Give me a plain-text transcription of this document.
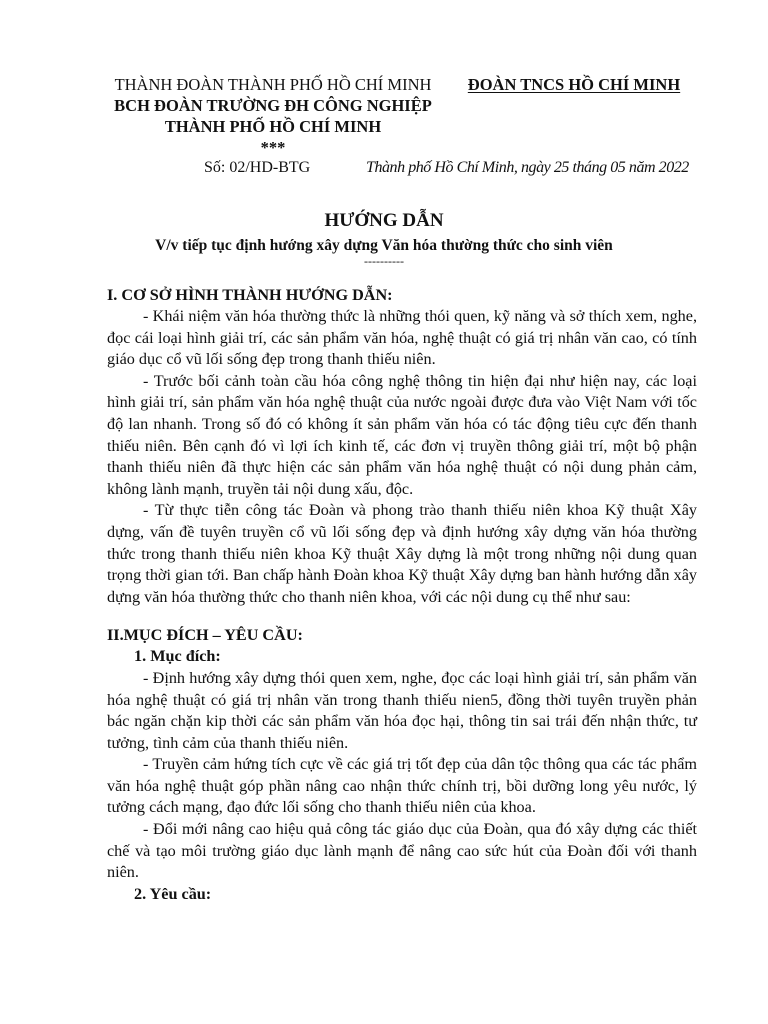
THÀNH ĐOÀN THÀNH PHỐ HỒ CHÍ MINH
BCH ĐOÀN TRƯỜNG ĐH CÔNG NGHIỆP
THÀNH PHỐ HỒ CHÍ MINH
***
ĐOÀN TNCS HỒ CHÍ MINH
Số: 02/HD-BTG	Thành phố Hồ Chí Minh, ngày 25 tháng 05 năm 2022
HƯỚNG DẪN
V/v tiếp tục định hướng xây dựng Văn hóa thường thức cho sinh viên
----------

I. CƠ SỞ HÌNH THÀNH HƯỚNG DẪN:

- Khái niệm văn hóa thường thức là những thói quen, kỹ năng và sở thích xem, nghe, đọc cái loại hình giải trí, các sản phẩm văn hóa, nghệ thuật có giá trị nhân văn cao, có tính giáo dục cổ vũ lối sống đẹp trong thanh thiếu niên.

- Trước bối cảnh toàn cầu hóa công nghệ thông tin hiện đại như hiện nay, các loại hình giải trí, sản phẩm văn hóa nghệ thuật của nước ngoài được đưa vào Việt Nam với tốc độ lan nhanh. Trong số đó có không ít sản phẩm văn hóa có tác động tiêu cực đến thanh thiếu niên. Bên cạnh đó vì lợi ích kinh tế, các đơn vị truyền thông giải trí, một bộ phận thanh thiếu niên đã thực hiện các sản phẩm văn hóa nghệ thuật có nội dung phản cảm, không lành mạnh, truyền tải nội dung xấu, độc.

- Từ thực tiễn công tác Đoàn và phong trào thanh thiếu niên khoa Kỹ thuật Xây dựng, vấn đề tuyên truyền cổ vũ lối sống đẹp và định hướng xây dựng văn hóa thường thức trong thanh thiếu niên khoa Kỹ thuật Xây dựng là một trong những nội dung quan trọng thời gian tới. Ban chấp hành Đoàn khoa Kỹ thuật Xây dựng ban hành hướng dẫn xây dựng văn hóa thường thức cho thanh niên khoa, với các nội dung cụ thể như sau:

II.MỤC ĐÍCH – YÊU CẦU:

1. Mục đích:

- Định hướng xây dựng thói quen xem, nghe, đọc các loại hình giải trí, sản phẩm văn hóa nghệ thuật có giá trị nhân văn trong thanh thiếu nien5, đồng thời tuyên truyền phản bác ngăn chặn kip thời các sản phẩm văn hóa đọc hại, thông tin sai trái đến nhận thức, tư tưởng, tình cảm của thanh thiếu niên.

- Truyền cảm hứng tích cực về các giá trị tốt đẹp của dân tộc thông qua các tác phẩm văn hóa nghệ thuật góp phần nâng cao nhận thức chính trị, bồi dưỡng long yêu nước, lý tưởng cách mạng, đạo đức lối sống cho thanh thiếu niên của khoa.

- Đổi mới nâng cao hiệu quả công tác giáo dục của Đoàn, qua đó xây dựng các thiết chế và tạo môi trường giáo dục lành mạnh để nâng cao sức hút của Đoàn đối với thanh niên.

2. Yêu cầu:
